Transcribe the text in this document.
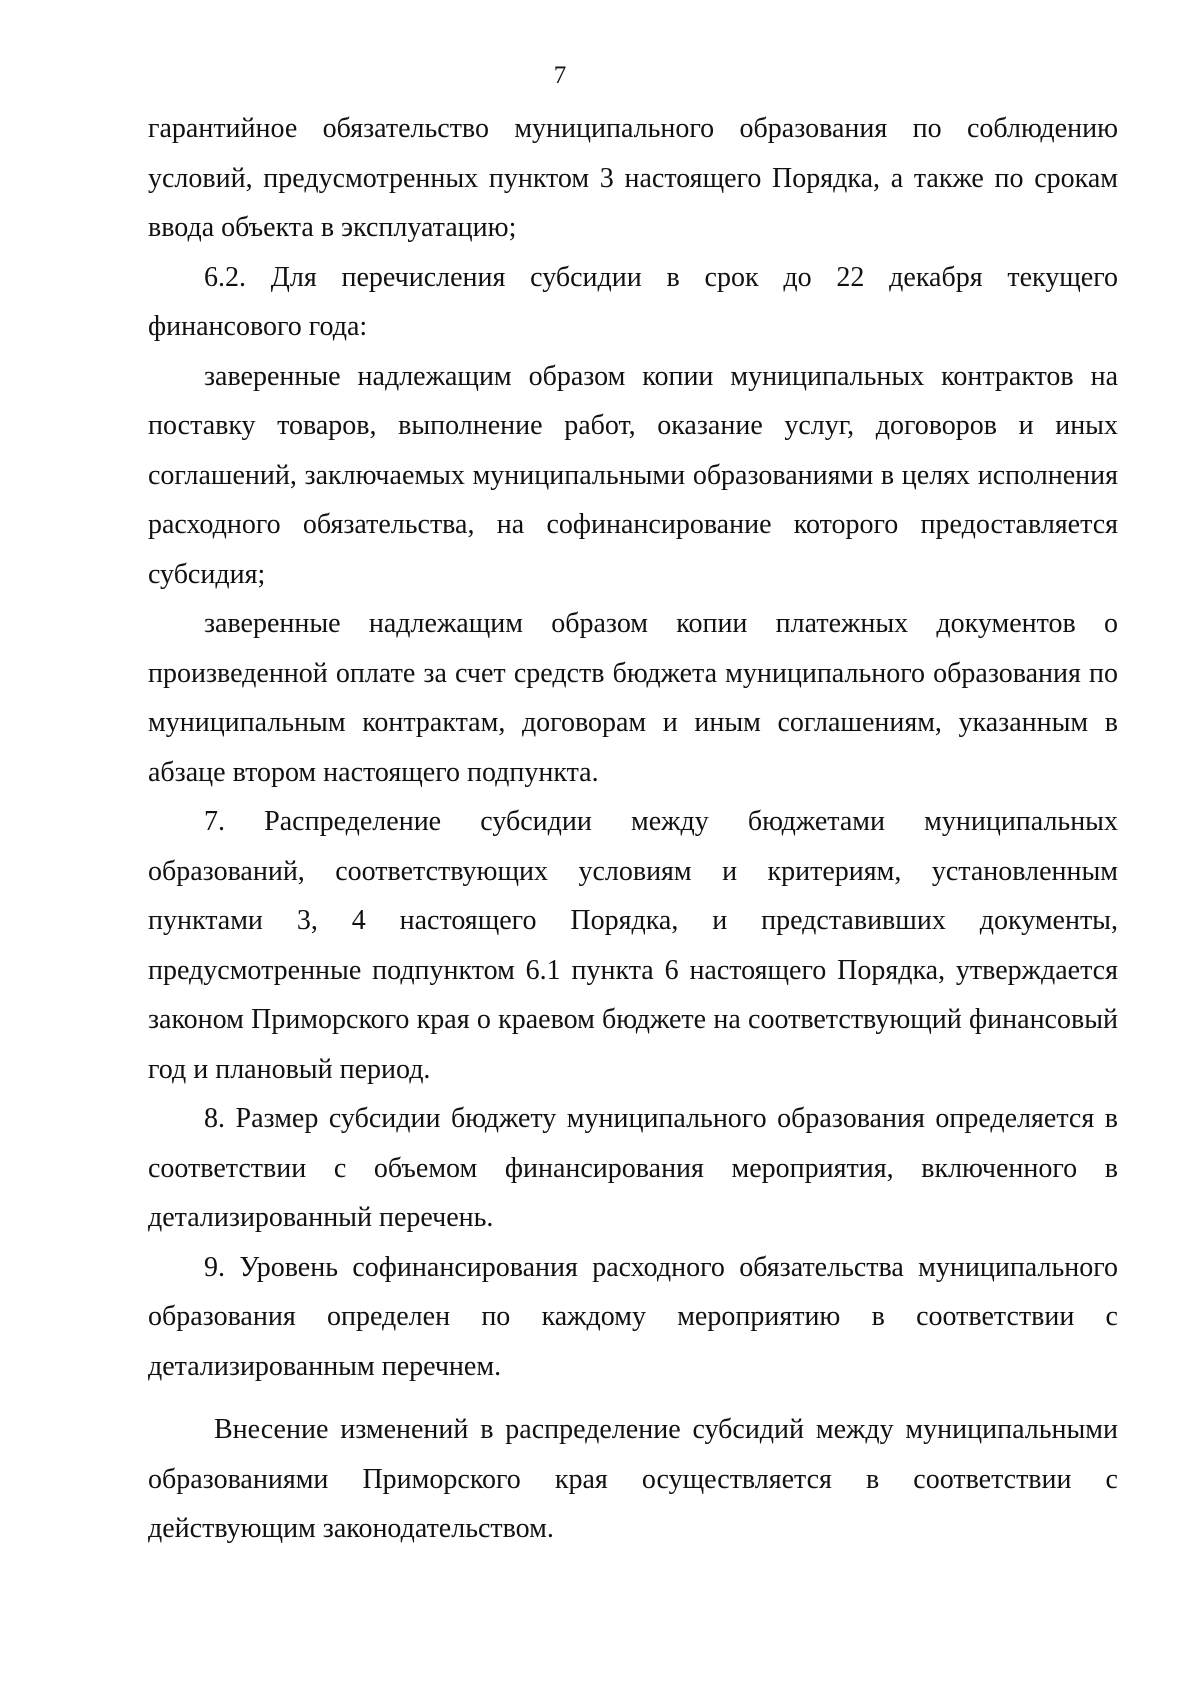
7

гарантийное обязательство муниципального образования по соблюдению условий, предусмотренных пунктом 3 настоящего Порядка, а также по срокам ввода объекта в эксплуатацию;

6.2. Для перечисления субсидии в срок до 22 декабря текущего финансового года:

заверенные надлежащим образом копии муниципальных контрактов на поставку товаров, выполнение работ, оказание услуг, договоров и иных соглашений, заключаемых муниципальными образованиями в целях исполнения расходного обязательства, на софинансирование которого предоставляется субсидия;

заверенные надлежащим образом копии платежных документов о произведенной оплате за счет средств бюджета муниципального образования по муниципальным контрактам, договорам и иным соглашениям, указанным в абзаце втором настоящего подпункта.

7. Распределение субсидии между бюджетами муниципальных образований, соответствующих условиям и критериям, установленным пунктами 3, 4 настоящего Порядка, и представивших документы, предусмотренные подпунктом 6.1 пункта 6 настоящего Порядка, утверждается законом Приморского края о краевом бюджете на соответствующий финансовый год и плановый период.

8. Размер субсидии бюджету муниципального образования определяется в соответствии с объемом финансирования мероприятия, включенного в детализированный перечень.

9. Уровень софинансирования расходного обязательства муниципального образования определен по каждому мероприятию в соответствии с детализированным перечнем.

Внесение изменений в распределение субсидий между муниципальными образованиями Приморского края осуществляется в соответствии с действующим законодательством.
